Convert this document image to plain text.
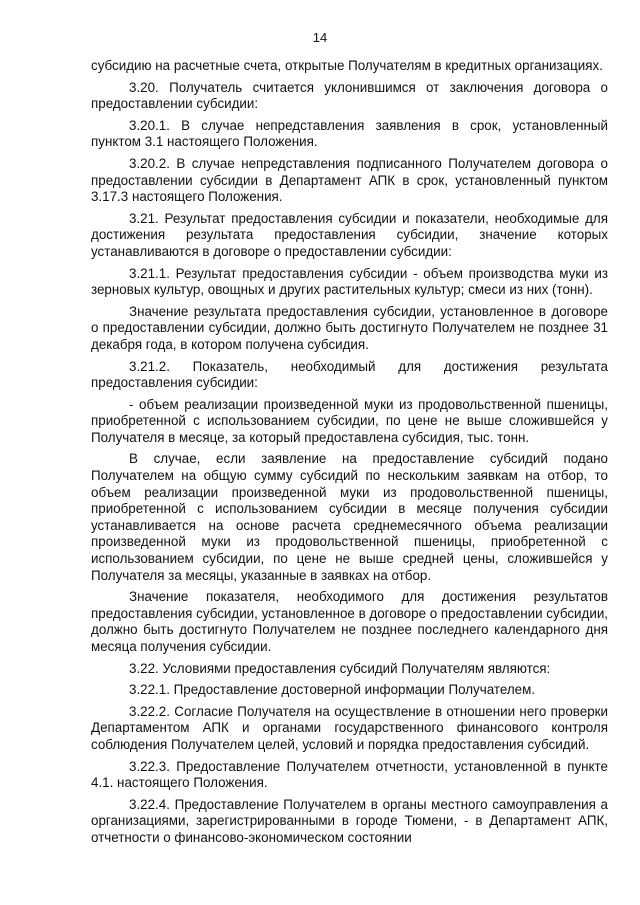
14

субсидию на расчетные счета, открытые Получателям в кредитных организациях.

3.20. Получатель считается уклонившимся от заключения договора о предоставлении субсидии:

3.20.1. В случае непредставления заявления в срок, установленный пунктом 3.1 настоящего Положения.

3.20.2. В случае непредставления подписанного Получателем договора о предоставлении субсидии в Департамент АПК в срок, установленный пунктом 3.17.3 настоящего Положения.

3.21. Результат предоставления субсидии и показатели, необходимые для достижения результата предоставления субсидии, значение которых устанавливаются в договоре о предоставлении субсидии:

3.21.1. Результат предоставления субсидии - объем производства муки из зерновых культур, овощных и других растительных культур; смеси из них (тонн).

Значение результата предоставления субсидии, установленное в договоре о предоставлении субсидии, должно быть достигнуто Получателем не позднее 31 декабря года, в котором получена субсидия.

3.21.2. Показатель, необходимый для достижения результата предоставления субсидии:

- объем реализации произведенной муки из продовольственной пшеницы, приобретенной с использованием субсидии, по цене не выше сложившейся у Получателя в месяце, за который предоставлена субсидия, тыс. тонн.

В случае, если заявление на предоставление субсидий подано Получателем на общую сумму субсидий по нескольким заявкам на отбор, то объем реализации произведенной муки из продовольственной пшеницы, приобретенной с использованием субсидии в месяце получения субсидии устанавливается на основе расчета среднемесячного объема реализации произведенной муки из продовольственной пшеницы, приобретенной с использованием субсидии, по цене не выше средней цены, сложившейся у Получателя за месяцы, указанные в заявках на отбор.

Значение показателя, необходимого для достижения результатов предоставления субсидии, установленное в договоре о предоставлении субсидии, должно быть достигнуто Получателем не позднее последнего календарного дня месяца получения субсидии.

3.22. Условиями предоставления субсидий Получателям являются:

3.22.1. Предоставление достоверной информации Получателем.

3.22.2. Согласие Получателя на осуществление в отношении него проверки Департаментом АПК и органами государственного финансового контроля соблюдения Получателем целей, условий и порядка предоставления субсидий.

3.22.3. Предоставление Получателем отчетности, установленной в пункте 4.1. настоящего Положения.

3.22.4. Предоставление Получателем в органы местного самоуправления а организациями, зарегистрированными в городе Тюмени, - в Департамент АПК, отчетности о финансово-экономическом состоянии
